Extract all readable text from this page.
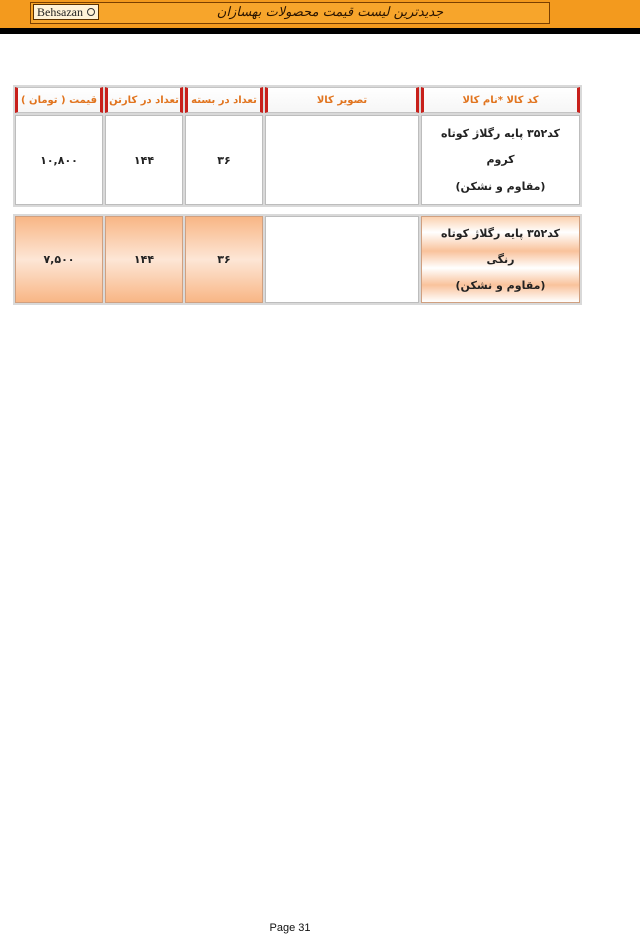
Behsazan	جدیدترین لیست قیمت محصولات بهسازان
کد کالا *نام کالا
تصویر کالا
تعداد در بسته
تعداد در کارتن
قیمت ( تومان )
کد۳۵۲ پایه رگلاژ کوتاه
کروم
(مقاوم و نشکن)
۳۶
۱۴۴
۱۰,۸۰۰
کد۳۵۲ پایه رگلاژ کوتاه
رنگی
(مقاوم و نشکن)
۳۶
۱۴۴
۷,۵۰۰
Page 31
